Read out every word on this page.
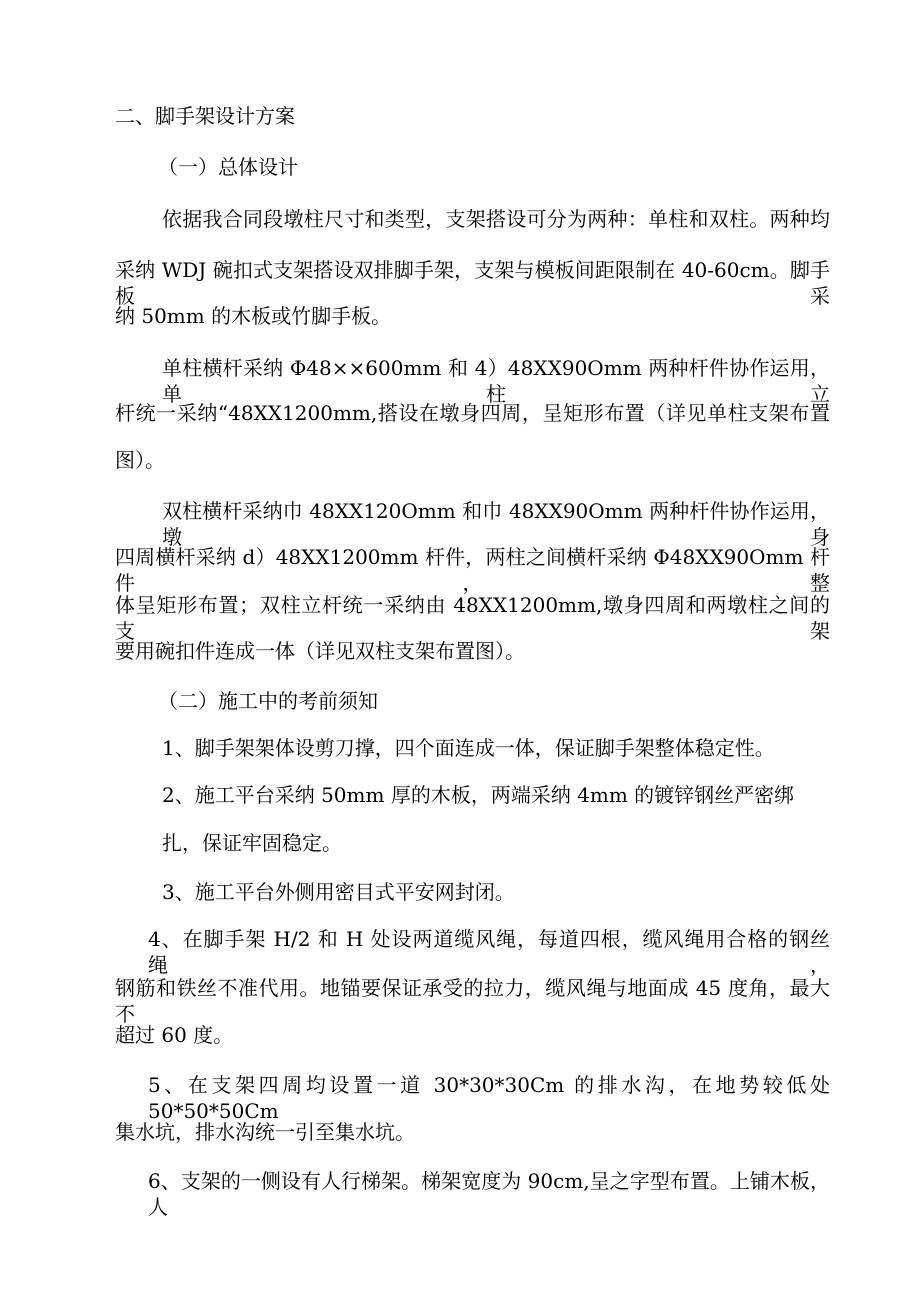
二、脚手架设计方案
（一）总体设计
依据我合同段墩柱尺寸和类型，支架搭设可分为两种：单柱和双柱。两种均
采纳 WDJ 碗扣式支架搭设双排脚手架，支架与模板间距限制在 40-60cm。脚手板采
纳 50mm 的木板或竹脚手板。
单柱横杆采纳 Φ48××600mm 和 4）48XX90Omm 两种杆件协作运用，单柱立
杆统一采纳“48XX1200mm,搭设在墩身四周，呈矩形布置（详见单柱支架布置
图）。
双柱横杆采纳巾 48XX120Omm 和巾 48XX90Omm 两种杆件协作运用，墩身
四周横杆采纳 d）48XX1200mm 杆件，两柱之间横杆采纳 Φ48XX90Omm 杆件，整
体呈矩形布置；双柱立杆统一采纳由 48XX1200mm,墩身四周和两墩柱之间的支架
要用碗扣件连成一体（详见双柱支架布置图）。
（二）施工中的考前须知
1、脚手架架体设剪刀撑，四个面连成一体，保证脚手架整体稳定性。
2、施工平台采纳 50mm 厚的木板，两端采纳 4mm 的镀锌钢丝严密绑
扎，保证牢固稳定。
3、施工平台外侧用密目式平安网封闭。
4、在脚手架 H/2 和 H 处设两道缆风绳，每道四根，缆风绳用合格的钢丝绳，
钢筋和铁丝不准代用。地锚要保证承受的拉力，缆风绳与地面成 45 度角，最大不
超过 60 度。
5、在支架四周均设置一道 30*30*30Cm 的排水沟，在地势较低处 50*50*50Cm
集水坑，排水沟统一引至集水坑。
6、支架的一侧设有人行梯架。梯架宽度为 90cm,呈之字型布置。上铺木板，人
